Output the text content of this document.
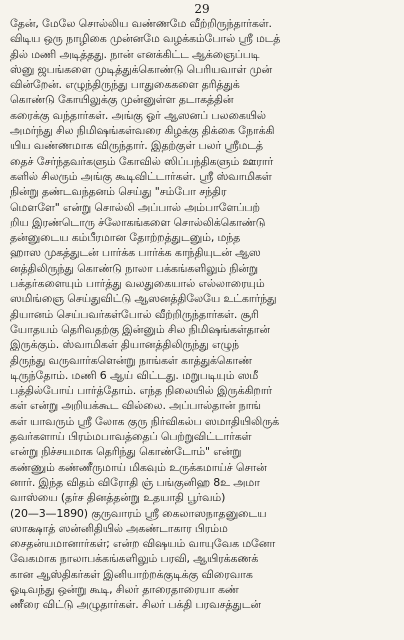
29
தேன், மேலே சொல்லிய வண்ணமே வீற்றிருந்தார்கள்.
விடிய ஒரு நாழிகை முன்னமே வழக்கம்போல் ஸ்ரீ மடத்
தில் மணி அடித்தது. நான் எனக்கிட்ட ஆக்ஞைப்படி
ஸ்னு ஜபங்களை முடித்துக்கொண்டு பெரியவாள் முன்
வின்றேன். எழுந்திருந்து பாதுகைகளை தரித்துக்
கொண்டு கோயிலுக்கு முன்னுள்ள தடாகத்தின்
கரைக்கு வந்தார்கள். அங்கு ஓர் ஆஸனப் பலகையில்
அமர்ந்து சில நிமிஷங்கள்வரை கிழக்கு திக்கை நோக்கி
யிய வண்ணமாக விருந்தார். இதற்குள் பலர் ஸ்ரீமடத்
தைச் சேர்ந்தவர்களும் கோவில் ஸிப்பந்திகளும் ஊரார்
களில் சிலரும் அங்கு கூடிவிட்டார்கள். ஸ்ரீ ஸ்வாமிகள்
நின்று தண்டவந்தனம் செய்து "சம்போ சந்திர
மௌளே" என்று சொல்லி அப்பால் அம்பாளேப்பற்
றிய இரண்டொரு ச்லோகங்களை சொல்லிக்கொண்டு
தன்னுடைய கம்பீரமான தோற்றத்துடனும், மந்த
ஹாஸ முகத்துடன் பார்க்க பார்க்க காந்தியுடன் ஆஸ
னத்திலிருந்து கொண்டு நாலா பக்கங்களிலும் நின்று
பக்தர்களையும் பார்த்து வலதுகையால் எல்லாரையும்
ஸமிங்ஞை செய்துவிட்டு ஆஸனத்திலேயே உட்கார்ந்து
தியானம் செய்பவர்கள்போல் வீற்றிருந்தார்கள். சூரி
யோதயம் தெரிவதற்கு இன்னும் சில நிமிஷங்கள்தான்
இருக்கும். ஸ்வாமிகள் தியானத்திலிருந்து எழுந்
திருந்து வருவார்களென்று நாங்கள் காத்துக்கொண்
டிருந்தோம். மணி 6 ஆய் விட்டது. மறுபடியும் ஸமீ
பத்தில்போய் பார்த்தோம். எந்த நிலையில் இருக்கிறார்
கள் என்று அறியக்கூட வில்லை. அப்பால்தான் நாங்
கள் யாவரும் ஸ்ரீ லோக குரு நிர்விகல்ப ஸமாதியிலிருக்
தவர்களாய் பிரம்மபாவத்தைப் பெற்றுவிட்டார்கள்
என்று நிச்சயமாக தெரிந்து கொண்டோம்" என்று
கண்ணும் கண்ணீருமாய் மிகவும் உருக்கமாய்ச் சொன்
னார். இந்த விதம் விரோதி ஞ் பங்குனிஹ 8உ அமா
வாஸ்யை (தர்ச தினத்தன்று உதயாதி பூர்வம்)
(20—3—1890) குருவாரம் ஸ்ரீ கைலாஸநாதனுடைய
ஸாக்ஷாத் ஸன்னிதியில் அகண்டாகார பிரம்ம
சைதன்யமானார்கள்; என்ற விஷயம் வாயுவேக மனோ
வேகமாக நாலாபக்கங்களிலும் பரவி, ஆயிரக்கணக்
கான ஆஸ்திகர்கள் இனியாற்றக்குடிக்கு விரைவாக
ஓடிவந்து ஒன்று கூடி, சிலர் தாரைதாரையா கண்
ணீரை விட்டு அழுதார்கள். சிலர் பக்தி பரவசத்துடன்
